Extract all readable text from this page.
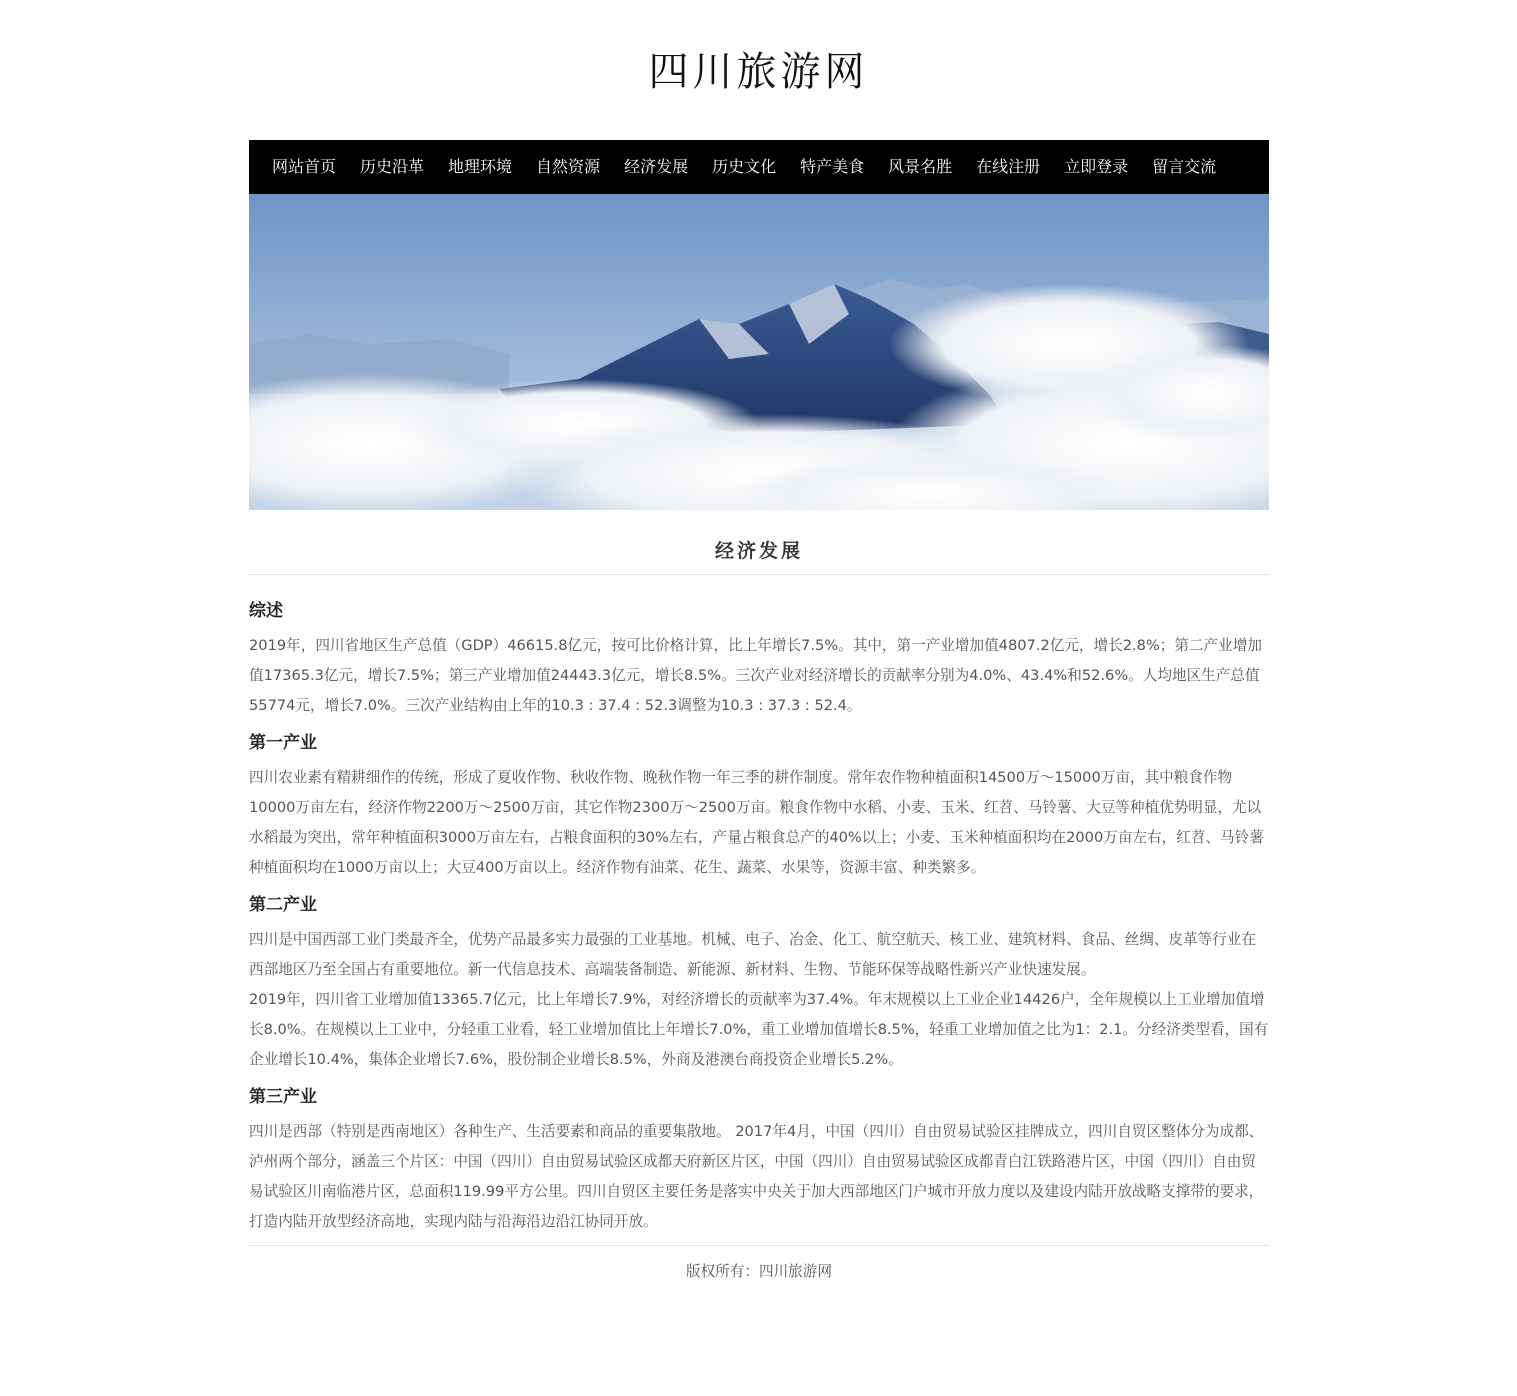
四川旅游网
网站首页	历史沿革	地理环境	自然资源	经济发展	历史文化	特产美食	风景名胜	在线注册	立即登录	留言交流
经济发展
综述

2019年，四川省地区生产总值（GDP）46615.8亿元，按可比价格计算，比上年增长7.5%。其中，第一产业增加值4807.2亿元，增长2.8%；第二产业增加值17365.3亿元，增长7.5%；第三产业增加值24443.3亿元，增长8.5%。三次产业对经济增长的贡献率分别为4.0%、43.4%和52.6%。人均地区生产总值55774元，增长7.0%。三次产业结构由上年的10.3 : 37.4 : 52.3调整为10.3 : 37.3 : 52.4。

第一产业

四川农业素有精耕细作的传统，形成了夏收作物、秋收作物、晚秋作物一年三季的耕作制度。常年农作物种植面积14500万～15000万亩，其中粮食作物10000万亩左右，经济作物2200万～2500万亩，其它作物2300万～2500万亩。粮食作物中水稻、小麦、玉米、红苕、马铃薯、大豆等种植优势明显，尤以水稻最为突出，常年种植面积3000万亩左右，占粮食面积的30%左右，产量占粮食总产的40%以上；小麦、玉米种植面积均在2000万亩左右，红苕、马铃薯种植面积均在1000万亩以上；大豆400万亩以上。经济作物有油菜、花生、蔬菜、水果等，资源丰富、种类繁多。

第二产业

四川是中国西部工业门类最齐全，优势产品最多实力最强的工业基地。机械、电子、冶金、化工、航空航天、核工业、建筑材料、食品、丝绸、皮革等行业在西部地区乃至全国占有重要地位。新一代信息技术、高端装备制造、新能源、新材料、生物、节能环保等战略性新兴产业快速发展。

2019年，四川省工业增加值13365.7亿元，比上年增长7.9%，对经济增长的贡献率为37.4%。年末规模以上工业企业14426户，全年规模以上工业增加值增长8.0%。在规模以上工业中，分轻重工业看，轻工业增加值比上年增长7.0%，重工业增加值增长8.5%，轻重工业增加值之比为1：2.1。分经济类型看，国有企业增长10.4%，集体企业增长7.6%，股份制企业增长8.5%，外商及港澳台商投资企业增长5.2%。

第三产业

四川是西部（特别是西南地区）各种生产、生活要素和商品的重要集散地。 2017年4月，中国（四川）自由贸易试验区挂牌成立，四川自贸区整体分为成都、泸州两个部分，涵盖三个片区：中国（四川）自由贸易试验区成都天府新区片区，中国（四川）自由贸易试验区成都青白江铁路港片区，中国（四川）自由贸易试验区川南临港片区，总面积119.99平方公里。四川自贸区主要任务是落实中央关于加大西部地区门户城市开放力度以及建设内陆开放战略支撑带的要求，打造内陆开放型经济高地，实现内陆与沿海沿边沿江协同开放。

版权所有：四川旅游网
